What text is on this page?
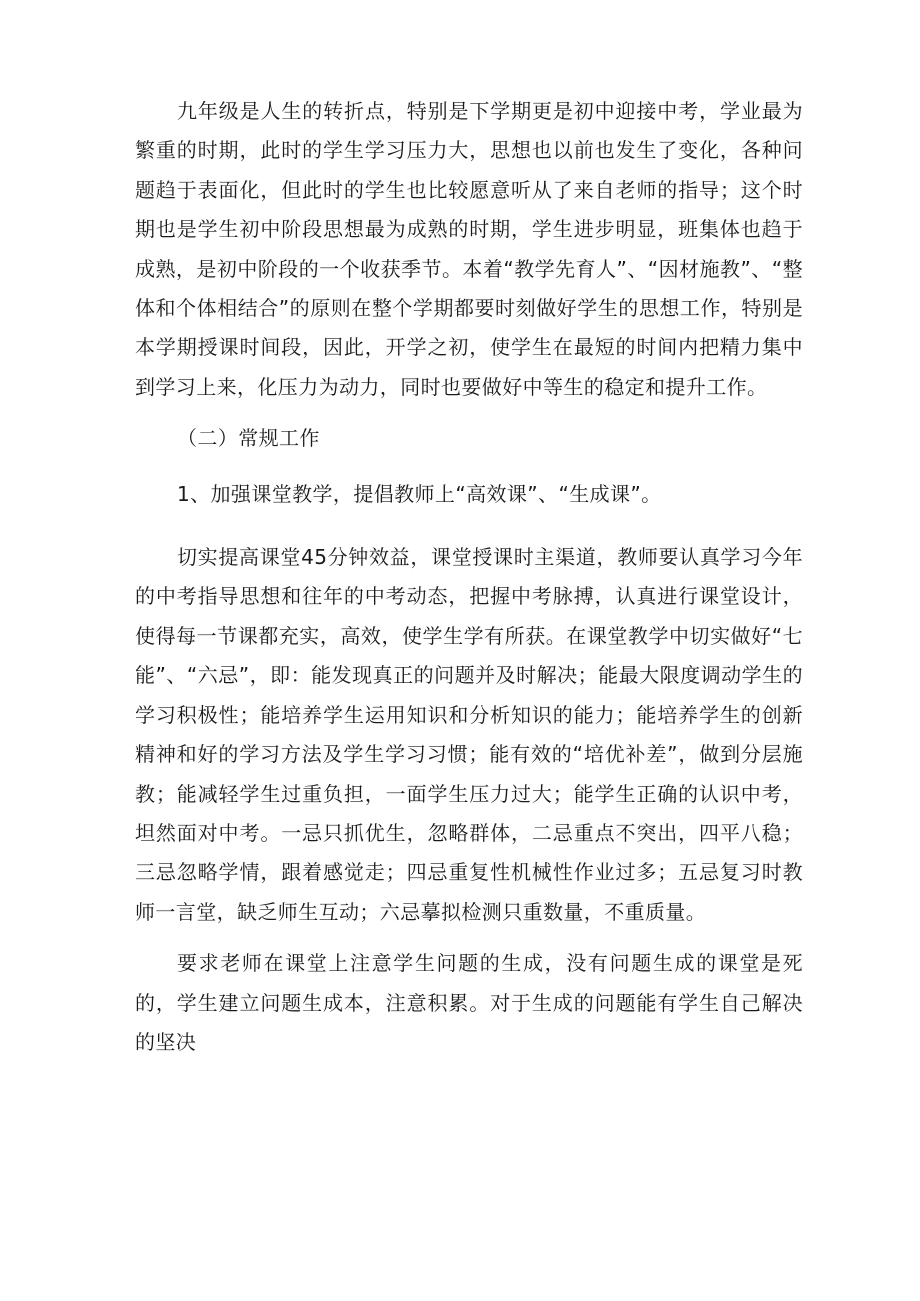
九年级是人生的转折点，特别是下学期更是初中迎接中考，学业最为繁重的时期，此时的学生学习压力大，思想也以前也发生了变化，各种问题趋于表面化，但此时的学生也比较愿意听从了来自老师的指导；这个时期也是学生初中阶段思想最为成熟的时期，学生进步明显，班集体也趋于成熟，是初中阶段的一个收获季节。本着“教学先育人”、“因材施教”、“整体和个体相结合”的原则在整个学期都要时刻做好学生的思想工作，特别是本学期授课时间段，因此，开学之初，使学生在最短的时间内把精力集中到学习上来，化压力为动力，同时也要做好中等生的稳定和提升工作。

（二）常规工作

1、加强课堂教学，提倡教师上“高效课”、“生成课”。

切实提高课堂45分钟效益，课堂授课时主渠道，教师要认真学习今年的中考指导思想和往年的中考动态，把握中考脉搏，认真进行课堂设计，使得每一节课都充实，高效，使学生学有所获。在课堂教学中切实做好“七能”、“六忌”，即：能发现真正的问题并及时解决；能最大限度调动学生的学习积极性；能培养学生运用知识和分析知识的能力；能培养学生的创新精神和好的学习方法及学生学习习惯；能有效的“培优补差”，做到分层施教；能减轻学生过重负担，一面学生压力过大；能学生正确的认识中考，坦然面对中考。一忌只抓优生，忽略群体，二忌重点不突出，四平八稳；三忌忽略学情，跟着感觉走；四忌重复性机械性作业过多；五忌复习时教师一言堂，缺乏师生互动；六忌摹拟检测只重数量，不重质量。

要求老师在课堂上注意学生问题的生成，没有问题生成的课堂是死的，学生建立问题生成本，注意积累。对于生成的问题能有学生自己解决的坚决
